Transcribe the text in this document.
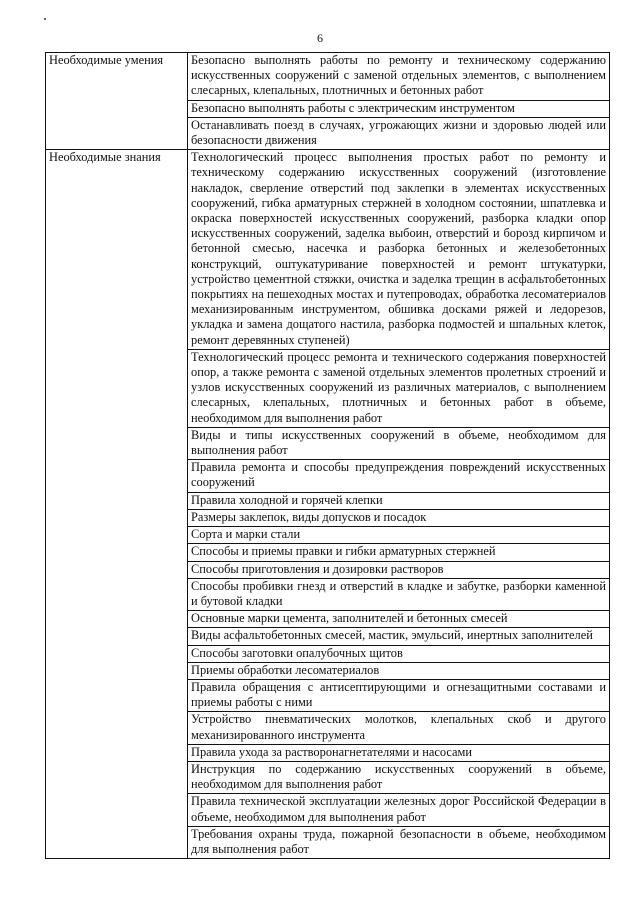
6
Необходимые умения	Безопасно выполнять работы по ремонту и техническому содержанию искусственных сооружений с заменой отдельных элементов, с выполнением слесарных, клепальных, плотничных и бетонных работ
	Безопасно выполнять работы с электрическим инструментом
	Останавливать поезд в случаях, угрожающих жизни и здоровью людей или безопасности движения
Необходимые знания	Технологический процесс выполнения простых работ по ремонту и техническому содержанию искусственных сооружений (изготовление накладок, сверление отверстий под заклепки в элементах искусственных сооружений, гибка арматурных стержней в холодном состоянии, шпатлевка и окраска поверхностей искусственных сооружений, разборка кладки опор искусственных сооружений, заделка выбоин, отверстий и борозд кирпичом и бетонной смесью, насечка и разборка бетонных и железобетонных конструкций, оштукатуривание поверхностей и ремонт штукатурки, устройство цементной стяжки, очистка и заделка трещин в асфальтобетонных покрытиях на пешеходных мостах и путепроводах, обработка лесоматериалов механизированным инструментом, обшивка досками ряжей и ледорезов, укладка и замена дощатого настила, разборка подмостей и шпальных клеток, ремонт деревянных ступеней)
	Технологический процесс ремонта и технического содержания поверхностей опор, а также ремонта с заменой отдельных элементов пролетных строений и узлов искусственных сооружений из различных материалов, с выполнением слесарных, клепальных, плотничных и бетонных работ в объеме, необходимом для выполнения работ
	Виды и типы искусственных сооружений в объеме, необходимом для выполнения работ
	Правила ремонта и способы предупреждения повреждений искусственных сооружений
	Правила холодной и горячей клепки
	Размеры заклепок, виды допусков и посадок
	Сорта и марки стали
	Способы и приемы правки и гибки арматурных стержней
	Способы приготовления и дозировки растворов
	Способы пробивки гнезд и отверстий в кладке и забутке, разборки каменной и бутовой кладки
	Основные марки цемента, заполнителей и бетонных смесей
	Виды асфальтобетонных смесей, мастик, эмульсий, инертных заполнителей
	Способы заготовки опалубочных щитов
	Приемы обработки лесоматериалов
	Правила обращения с антисептирующими и огнезащитными составами и приемы работы с ними
	Устройство пневматических молотков, клепальных скоб и другого механизированного инструмента
	Правила ухода за растворонагнетателями и насосами
	Инструкция по содержанию искусственных сооружений в объеме, необходимом для выполнения работ
	Правила технической эксплуатации железных дорог Российской Федерации в объеме, необходимом для выполнения работ
	Требования охраны труда, пожарной безопасности в объеме, необходимом для выполнения работ
